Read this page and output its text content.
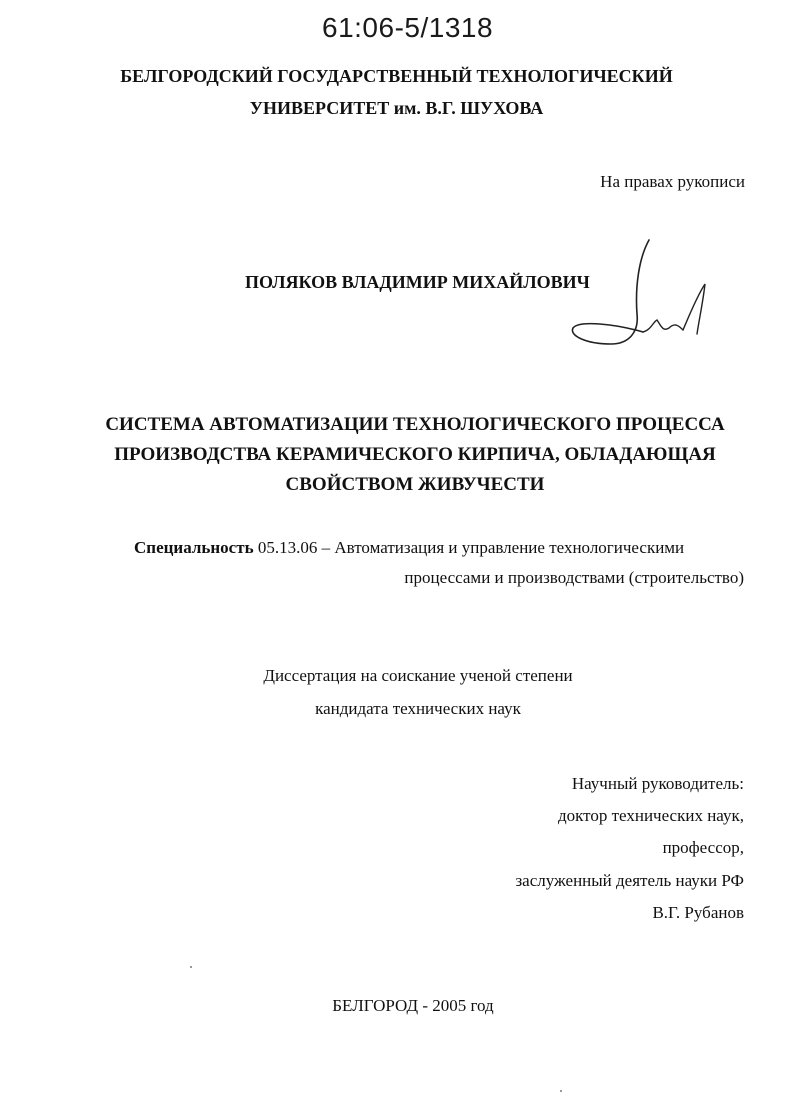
61:06-5/1318
БЕЛГОРОДСКИЙ ГОСУДАРСТВЕННЫЙ ТЕХНОЛОГИЧЕСКИЙ
УНИВЕРСИТЕТ им. В.Г. ШУХОВА
На правах рукописи
ПОЛЯКОВ ВЛАДИМИР МИХАЙЛОВИЧ
СИСТЕМА АВТОМАТИЗАЦИИ ТЕХНОЛОГИЧЕСКОГО ПРОЦЕССА
ПРОИЗВОДСТВА КЕРАМИЧЕСКОГО КИРПИЧА, ОБЛАДАЮЩАЯ
СВОЙСТВОМ ЖИВУЧЕСТИ
Специальность 05.13.06 – Автоматизация и управление технологическими
процессами и производствами (строительство)
Диссертация на соискание ученой степени
кандидата технических наук
Научный руководитель:
доктор технических наук,
профессор,
заслуженный деятель науки РФ
В.Г. Рубанов
БЕЛГОРОД - 2005 год
